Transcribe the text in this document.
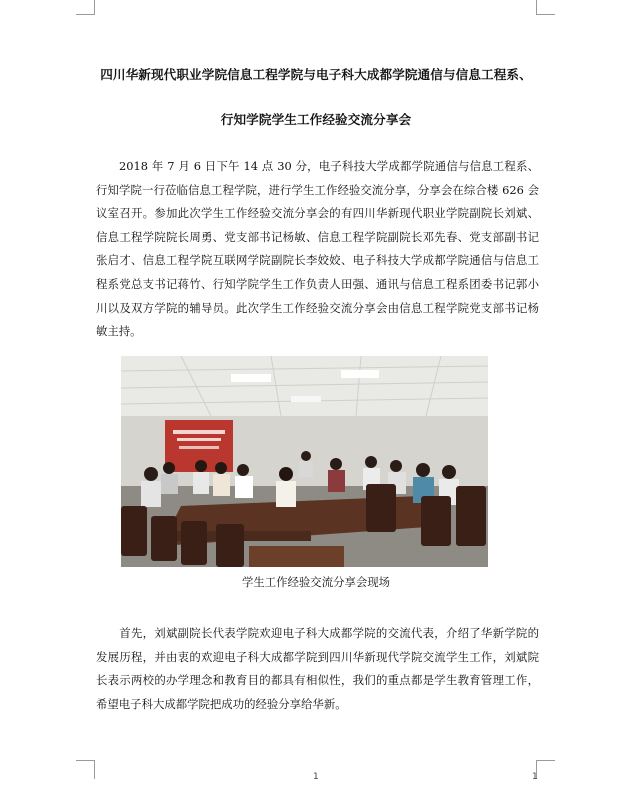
四川华新现代职业学院信息工程学院与电子科大成都学院通信与信息工程系、
行知学院学生工作经验交流分享会

2018 年 7 月 6 日下午 14 点 30 分，电子科技大学成都学院通信与信息工程系、行知学院一行莅临信息工程学院，进行学生工作经验交流分享，分享会在综合楼 626 会议室召开。参加此次学生工作经验交流分享会的有四川华新现代职业学院副院长刘斌、信息工程学院院长周勇、党支部书记杨敏、信息工程学院副院长邓先春、党支部副书记张启才、信息工程学院互联网学院副院长李姣姣、电子科技大学成都学院通信与信息工程系党总支书记蒋竹、行知学院学生工作负责人田强、通讯与信息工程系团委书记郭小川以及双方学院的辅导员。此次学生工作经验交流分享会由信息工程学院党支部书记杨敏主持。

学生工作经验交流分享会现场

首先，刘斌副院长代表学院欢迎电子科大成都学院的交流代表，介绍了华新学院的发展历程，并由衷的欢迎电子科大成都学院到四川华新现代学院交流学生工作，刘斌院长表示两校的办学理念和教育目的都具有相似性，我们的重点都是学生教育管理工作，希望电子科大成都学院把成功的经验分享给华新。

1	1
